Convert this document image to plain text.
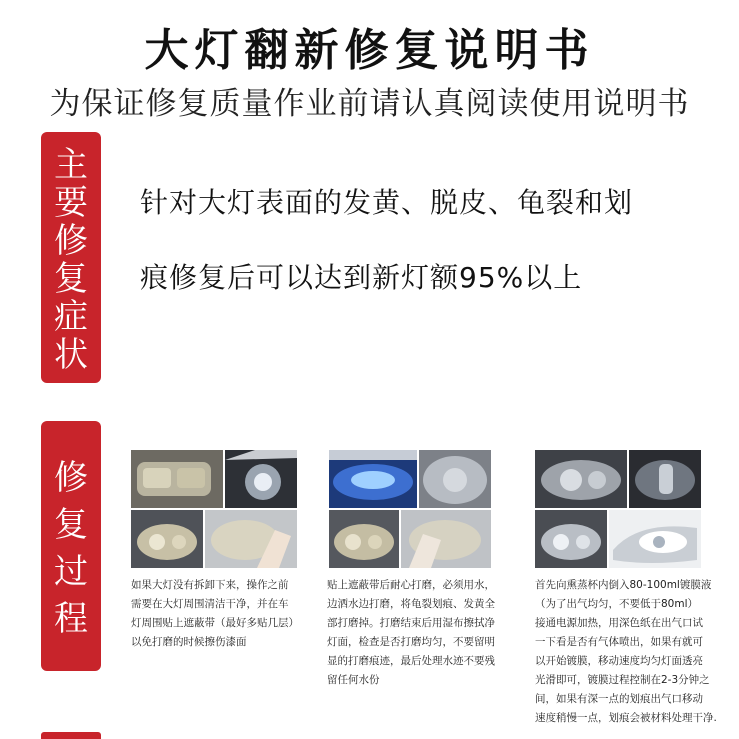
大灯翻新修复说明书
为保证修复质量作业前请认真阅读使用说明书
主
要
修
复
症
状
针对大灯表面的发黄、脱皮、龟裂和划
痕修复后可以达到新灯额95%以上
修
复
过
程
如果大灯没有拆卸下来，操作之前
需要在大灯周围清洁干净，并在车
灯周围贴上遮蔽带（最好多贴几层）
以免打磨的时候擦伤漆面
贴上遮蔽带后耐心打磨，必须用水，
边洒水边打磨，将龟裂划痕、发黄全
部打磨掉。打磨结束后用湿布擦拭净
灯面，检查是否打磨均匀，不要留明
显的打磨痕迹，最后处理水迹不要残
留任何水份
首先向熏蒸杯内倒入80-100ml镀膜液
（为了出气均匀，不要低于80ml）
接通电源加热，用深色纸在出气口试
一下看是否有气体喷出，如果有就可
以开始镀膜，移动速度均匀灯面透亮
光滑即可，镀膜过程控制在2-3分钟之
间，如果有深一点的划痕出气口移动
速度稍慢一点，划痕会被材料处理干净.
